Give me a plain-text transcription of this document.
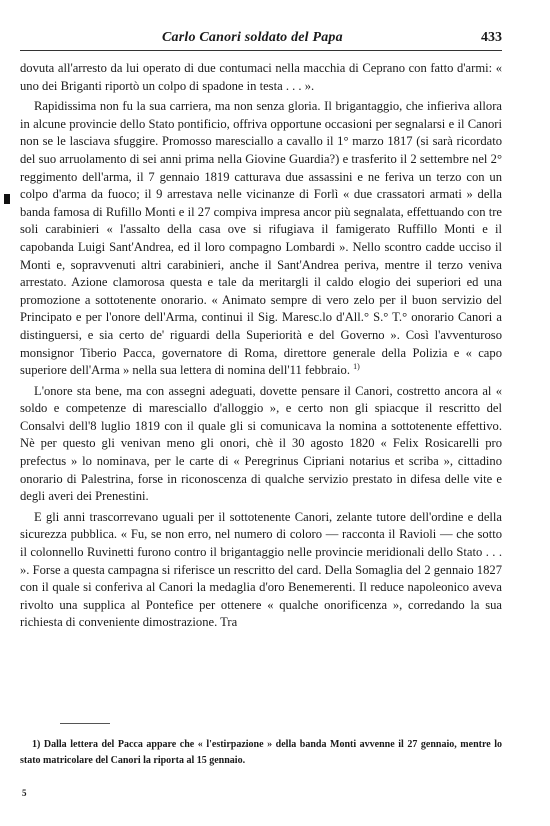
Carlo Canori soldato del Papa	433

dovuta all'arresto da lui operato di due contumaci nella macchia di Ceprano con fatto d'armi: « uno dei Briganti riportò un colpo di spadone in testa . . . ».

Rapidissima non fu la sua carriera, ma non senza gloria. Il brigantaggio, che infieriva allora in alcune provincie dello Stato pontificio, offriva opportune occasioni per segnalarsi e il Canori non se le lasciava sfuggire. Promosso maresciallo a cavallo il 1° marzo 1817 (si sarà ricordato del suo arruolamento di sei anni prima nella Giovine Guardia?) e trasferito il 2 settembre nel 2° reggimento dell'arma, il 7 gennaio 1819 catturava due assassini e ne feriva un terzo con un colpo d'arma da fuoco; il 9 arrestava nelle vicinanze di Forlì « due crassatori armati » della banda famosa di Rufillo Monti e il 27 compiva impresa ancor più segnalata, effettuando con tre soli carabinieri « l'assalto della casa ove si rifugiava il famigerato Ruffillo Monti e il capobanda Luigi Sant'Andrea, ed il loro compagno Lombardi ». Nello scontro cadde ucciso il Monti e, sopravvenuti altri carabinieri, anche il Sant'Andrea periva, mentre il terzo veniva arrestato. Azione clamorosa questa e tale da meritargli il caldo elogio dei superiori ed una promozione a sottotenente onorario. « Animato sempre di vero zelo per il buon servizio del Principato e per l'onore dell'Arma, continui il Sig. Maresc.lo d'All.° S.° T.° onorario Canori a distinguersi, e sia certo de' riguardi della Superiorità e del Governo ». Così l'avventuroso monsignor Tiberio Pacca, governatore di Roma, direttore generale della Polizia e « capo superiore dell'Arma » nella sua lettera di nomina dell'11 febbraio. $^{1)}$

L'onore sta bene, ma con assegni adeguati, dovette pensare il Canori, costretto ancora al « soldo e competenze di maresciallo d'alloggio », e certo non gli spiacque il rescritto del Consalvi dell'8 luglio 1819 con il quale gli si comunicava la nomina a sottotenente effettivo. Nè per questo gli venivan meno gli onori, chè il 30 agosto 1820 « Felix Rosicarelli pro prefectus » lo nominava, per le carte di « Peregrinus Cipriani notarius et scriba », cittadino onorario di Palestrina, forse in riconoscenza di qualche servizio prestato in difesa delle vite e degli averi dei Prenestini.

E gli anni trascorrevano uguali per il sottotenente Canori, zelante tutore dell'ordine e della sicurezza pubblica. « Fu, se non erro, nel numero di coloro — racconta il Ravioli — che sotto il colonnello Ruvinetti furono contro il brigantaggio nelle provincie meridionali dello Stato . . . ». Forse a questa campagna si riferisce un rescritto del card. Della Somaglia del 2 gennaio 1827 con il quale si conferiva al Canori la medaglia d'oro Benemerenti. Il reduce napoleonico aveva rivolto una supplica al Pontefice per ottenere « qualche onorificenza », corredando la sua richiesta di conveniente dimostrazione. Tra

1) Dalla lettera del Pacca appare che « l'estirpazione » della banda Monti avvenne il 27 gennaio, mentre lo stato matricolare del Canori la riporta al 15 gennaio.
5
